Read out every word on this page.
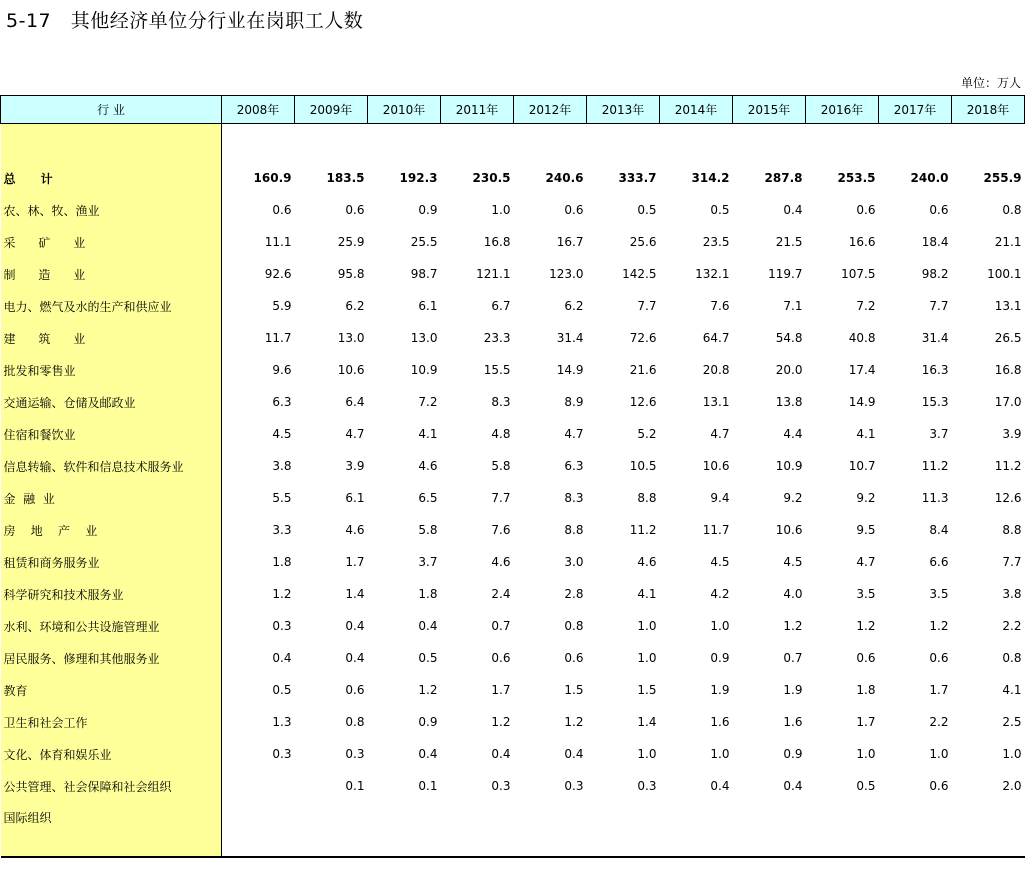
5-17   其他经济单位分行业在岗职工人数
单位：万人
行 业	2008年	2009年	2010年	2011年	2012年	2013年	2014年	2015年	2016年	2017年	2018年

总      计	160.9	183.5	192.3	230.5	240.6	333.7	314.2	287.8	253.5	240.0	255.9
农、林、牧、渔业	0.6	0.6	0.9	1.0	0.6	0.5	0.5	0.4	0.6	0.6	0.8
采      矿      业	11.1	25.9	25.5	16.8	16.7	25.6	23.5	21.5	16.6	18.4	21.1
制      造      业	92.6	95.8	98.7	121.1	123.0	142.5	132.1	119.7	107.5	98.2	100.1
电力、燃气及水的生产和供应业	5.9	6.2	6.1	6.7	6.2	7.7	7.6	7.1	7.2	7.7	13.1
建      筑      业	11.7	13.0	13.0	23.3	31.4	72.6	64.7	54.8	40.8	31.4	26.5
批发和零售业	9.6	10.6	10.9	15.5	14.9	21.6	20.8	20.0	17.4	16.3	16.8
交通运输、仓储及邮政业	6.3	6.4	7.2	8.3	8.9	12.6	13.1	13.8	14.9	15.3	17.0
住宿和餐饮业	4.5	4.7	4.1	4.8	4.7	5.2	4.7	4.4	4.1	3.7	3.9
信息转输、软件和信息技术服务业	3.8	3.9	4.6	5.8	6.3	10.5	10.6	10.9	10.7	11.2	11.2
金  融  业	5.5	6.1	6.5	7.7	8.3	8.8	9.4	9.2	9.2	11.3	12.6
房    地    产    业	3.3	4.6	5.8	7.6	8.8	11.2	11.7	10.6	9.5	8.4	8.8
租赁和商务服务业	1.8	1.7	3.7	4.6	3.0	4.6	4.5	4.5	4.7	6.6	7.7
科学研究和技术服务业	1.2	1.4	1.8	2.4	2.8	4.1	4.2	4.0	3.5	3.5	3.8
水利、环境和公共设施管理业	0.3	0.4	0.4	0.7	0.8	1.0	1.0	1.2	1.2	1.2	2.2
居民服务、修理和其他服务业	0.4	0.4	0.5	0.6	0.6	1.0	0.9	0.7	0.6	0.6	0.8
教育	0.5	0.6	1.2	1.7	1.5	1.5	1.9	1.9	1.8	1.7	4.1
卫生和社会工作	1.3	0.8	0.9	1.2	1.2	1.4	1.6	1.6	1.7	2.2	2.5
文化、体育和娱乐业	0.3	0.3	0.4	0.4	0.4	1.0	1.0	0.9	1.0	1.0	1.0
公共管理、社会保障和社会组织		0.1	0.1	0.3	0.3	0.3	0.4	0.4	0.5	0.6	2.0
国际组织											
